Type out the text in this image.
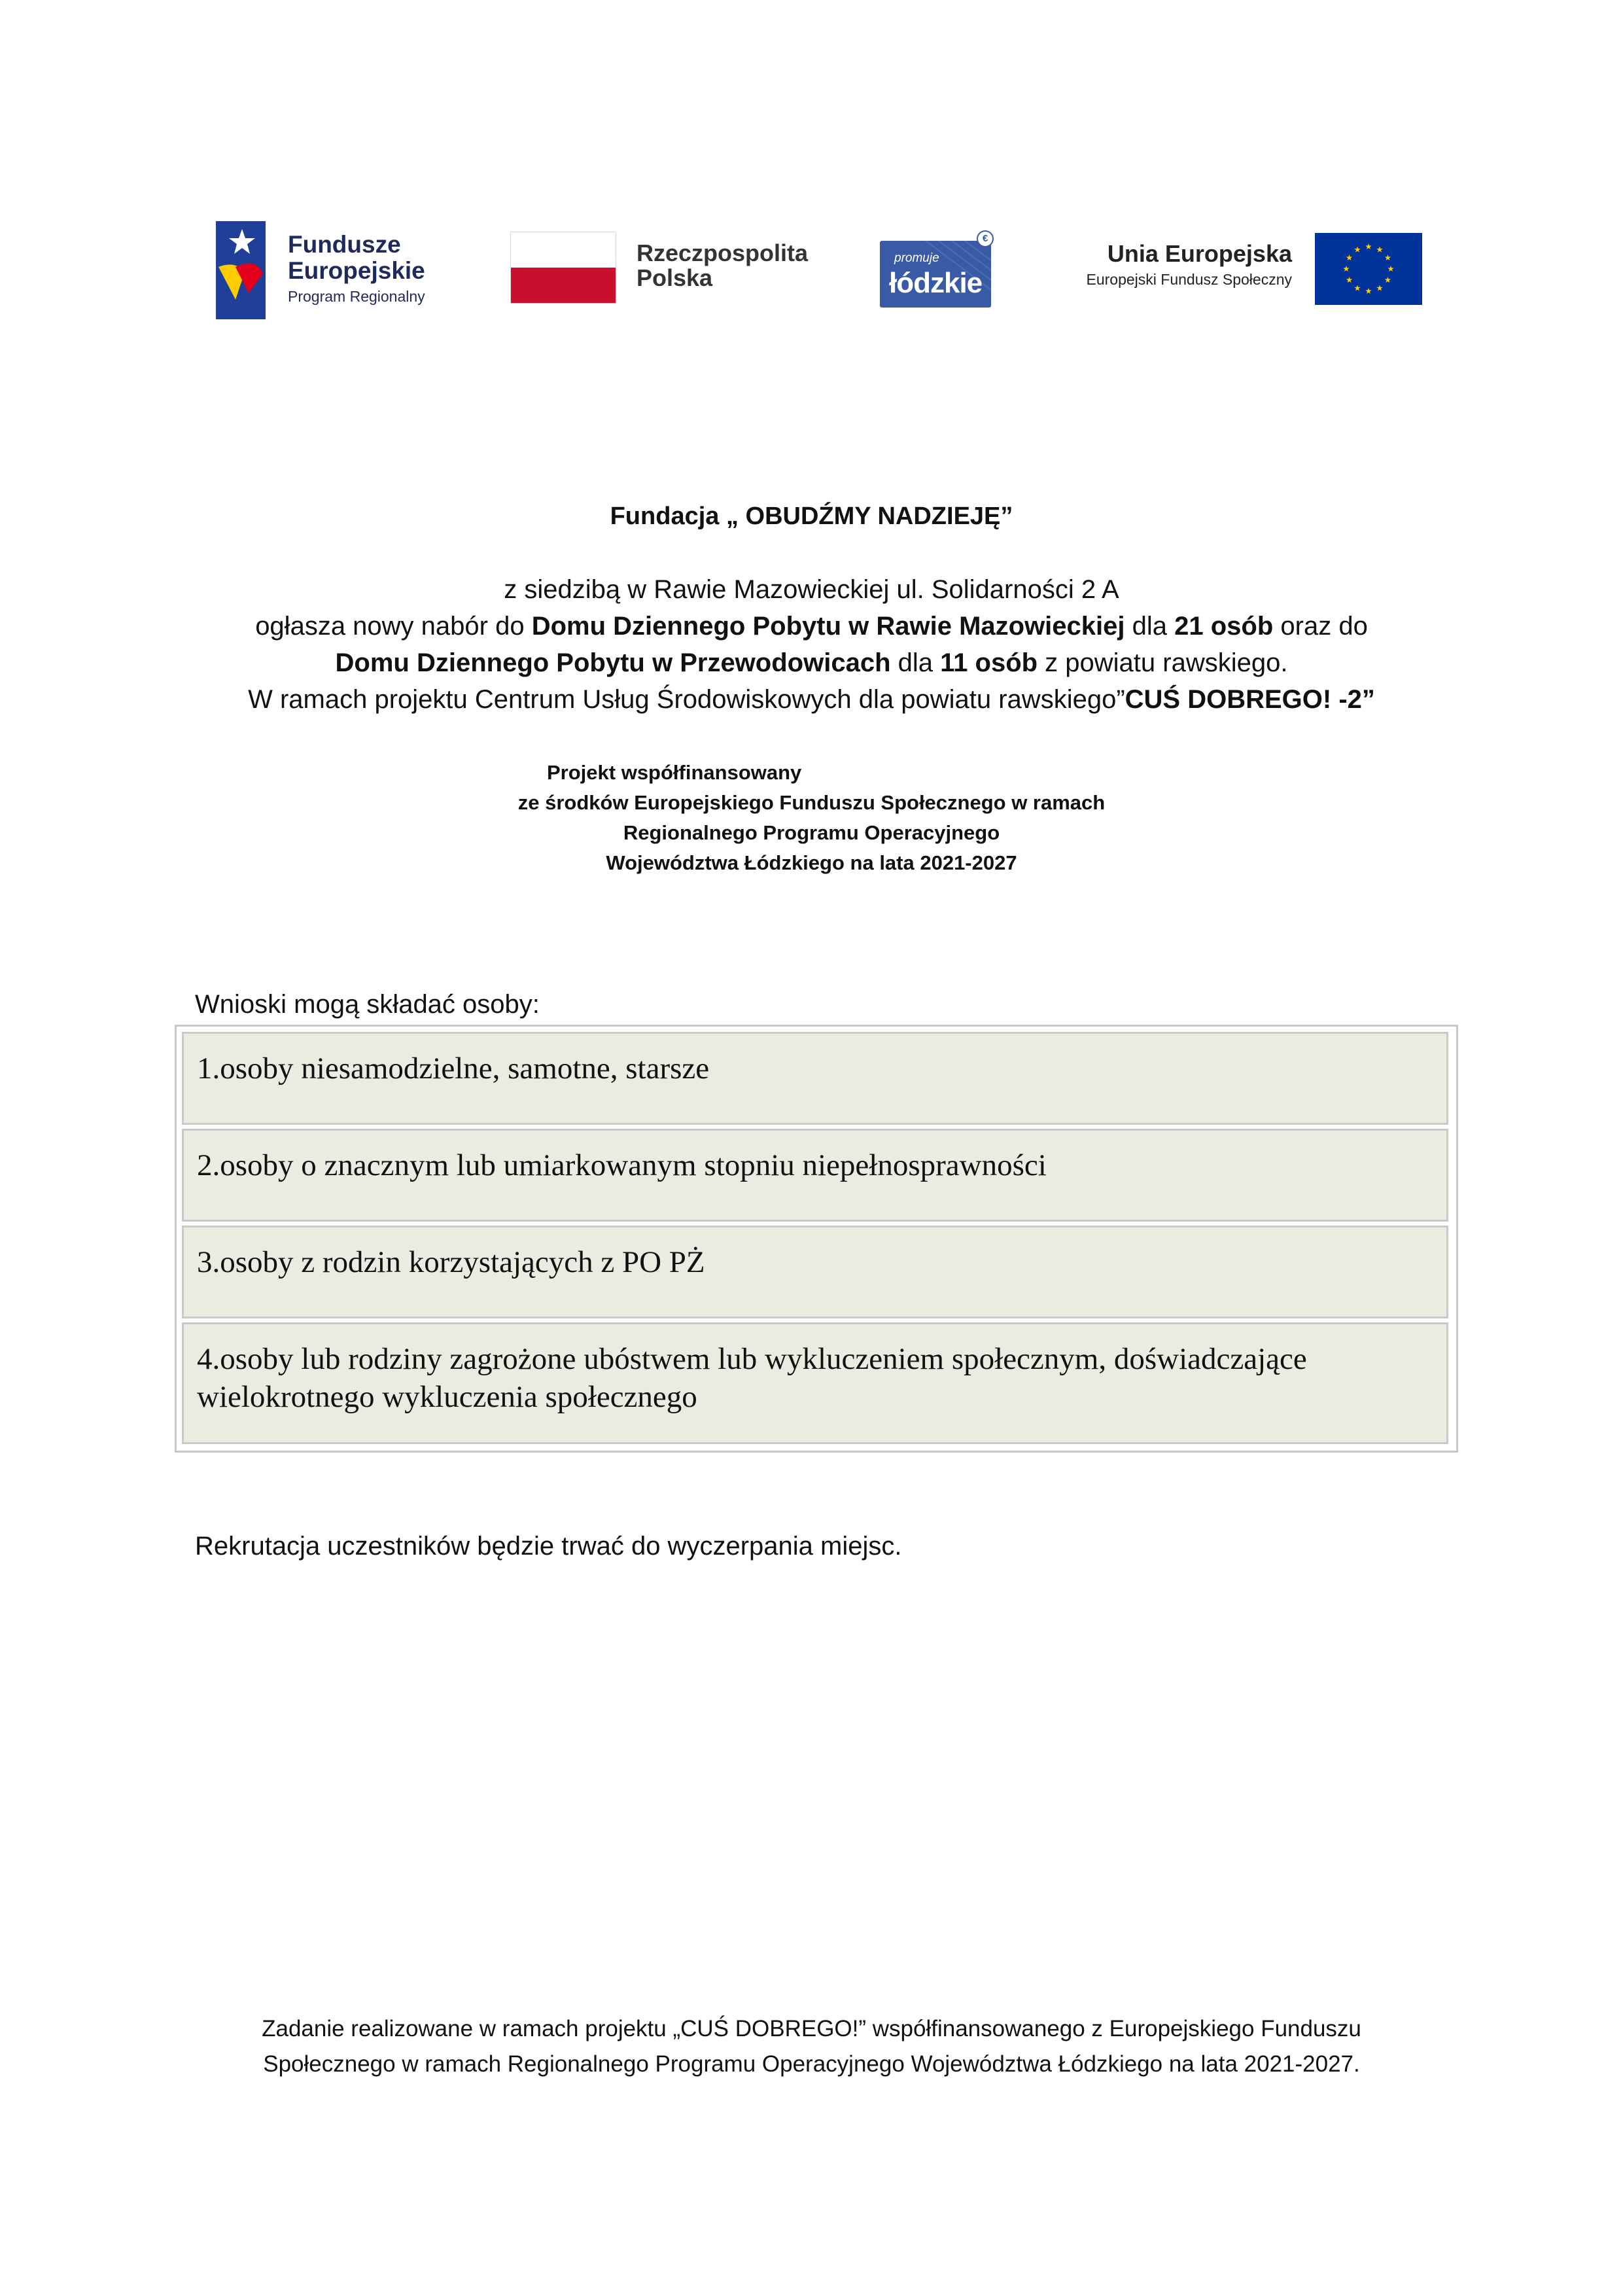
Fundusze
Europejskie
Program Regionalny
Rzeczpospolita
Polska
promuje
łódzkie
€
Unia Europejska
Europejski Fundusz Społeczny
Fundacja „ OBUDŹMY NADZIEJĘ”
z siedzibą w Rawie Mazowieckiej ul. Solidarności 2 A
ogłasza nowy nabór do Domu Dziennego Pobytu w Rawie Mazowieckiej dla 21 osób oraz do
Domu Dziennego Pobytu w Przewodowicach dla 11 osób z powiatu rawskiego.
W ramach projektu Centrum Usług Środowiskowych dla powiatu rawskiego”CUŚ DOBREGO! -2”
Projekt współfinansowany
ze środków Europejskiego Funduszu Społecznego w ramach
Regionalnego Programu Operacyjnego
Województwa Łódzkiego na lata 2021-2027
Wnioski mogą składać osoby:
1.osoby niesamodzielne, samotne, starsze
2.osoby o znacznym lub umiarkowanym stopniu niepełnosprawności
3.osoby z rodzin korzystających z PO PŻ
4.osoby lub rodziny zagrożone ubóstwem lub wykluczeniem społecznym, doświadczające wielokrotnego wykluczenia społecznego
Rekrutacja uczestników będzie trwać do wyczerpania miejsc.
Zadanie realizowane w ramach projektu „CUŚ DOBREGO!” współfinansowanego z Europejskiego Funduszu
Społecznego w ramach Regionalnego Programu Operacyjnego Województwa Łódzkiego na lata 2021-2027.
